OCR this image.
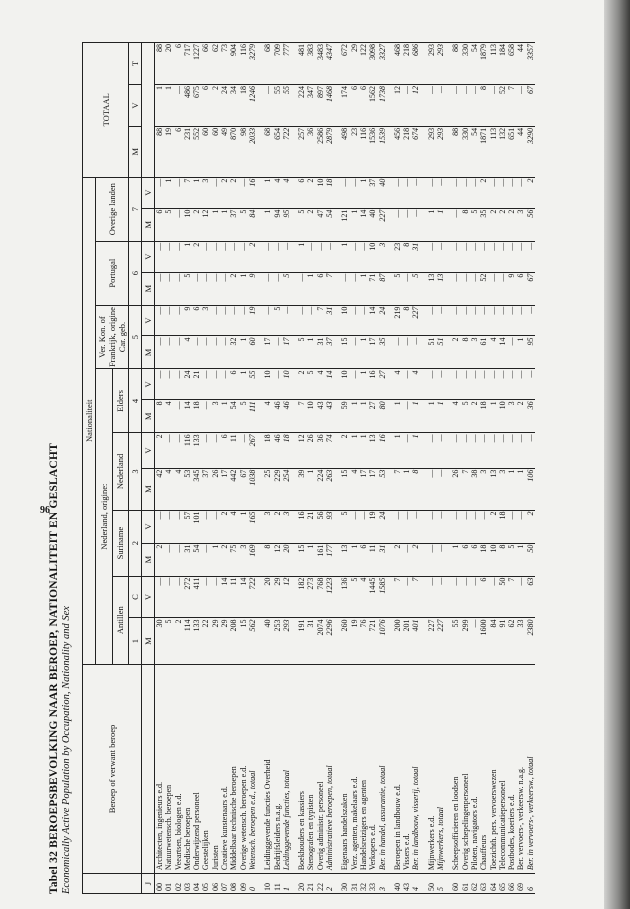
96
Tabel 32 BEROEPSBEVOLKING NAAR BEROEP, NATIONALITEIT EN GESLACHT Economically Active Population by Occupation, Nationality and Sex
		Beroep of verwant beroep	Nationaliteit														TOTAAL		
		Nederland, origine:								Ver. Kon. of Frankrijk, origine Car. geb.		Portugal		Overige landen				
		Antillen		Suriname		Nederland		Elders										
		1	C	2		3		4		5		6		7		M	V	T
J		M	V	M	V	M	V	M	V	M	V	M	V	M	V			
00	Architecten, ingenieurs e.d.	30	—	2	—	42	2	8	—	—	—	—	—	6	—	88	1	88
01	Natuurwetensch. beroepen	5	—	—	—	4	—	4	—	—	—	—	—	5	1	19	1	20
02	Veeartsen, biologen e.d.	2	—	—	—	4	—	—	—	—	—	—	—	—	—	6	—	6
03	Medische beroepen	114	272	31	57	53	116	14	24	4	9	5	1	10	7	231	486	717
04	Onderwijzend personeel	133	411	54	101	345	133	18	21	—	6	—	2	2	1	552	675	1227
05	Geestelijken	22	—	—	—	37	—	—	—	—	3	—	—	12	3	60	6	66
06	Juristen	29	—	1	—	26	—	3	—	—	—	—	—	1	—	60	2	62
07	Creatieve kunstenaars e.d.	29	14	2	2	17	6	1	—	—	—	—	—	1	2	49	24	73
08	Middelbaar technische beroepen	208	11	75	4	442	11	54	6	32	—	2	—	37	2	870	34	904
09	Overige wetensch. beroepen e.d.	15	14	3	1	67	—	5	1	1	—	1	—	5	—	98	18	116
0	Wetensch. beroepen e.d., totaal	562	722	169	165	1038	267	111	55	60	19	9	2	84	16	2033	1246	3279

10	Leidinggevende functies Overheid	40	20	8	3	25	18	4	10	17	—	—	—	1	1	68	—	68
11	Bedrijfsleiders n.a.g.	253	29	12	2	229	46	46	—	—	5	—	—	94	4	654	55	709
1	Leidinggevende functies, totaal	293	12	20	3	254	18	46	10	17	—	5	—	95	4	722	55	777

20	Boekhouders en kassiers	191	182	15	16	39	12	7	2	5	—	—	1	5	6	257	224	481
21	Stenografen en typisten	31	273	1	21	1	26	10	5	1	—	1	—	2	2	36	347	383
22	Overig administr. personeel	2074	768	161	56	224	36	43	4	31	7	6	—	47	10	2586	897	3483
2	Administratieve beroepen, totaal	2296	1223	177	93	263	74	43	14	37	31	7	—	54	18	2879	1468	4347

30	Eigenaars handelszaken	260	136	13	5	15	2	59	10	15	10	—	1	121	—	498	174	672
31	Verz. agenten, makelaars e.d.	19	5	1	—	4	1	1	—	—	—	—	—	1	—	23	6	29
32	Handelsreizigers en agenten	76	4	6	—	17	1	1	1	1	—	1	—	14	1	116	6	122
33	Verkopers e.d.	721	1445	11	19	17	13	27	16	17	14	71	10	40	37	1536	1562	3098
3	Ber. in handel, assurantie, totaal	1076	1585	31	24	53	16	80	27	35	24	87	3	227	40	1539	1738	3327

40	Beroepen in landbouw e.d.	200	7	2	—	7	1	1	4	—	219	5	23	—	—	456	12	468
43	Vissers e.d.	201	—	—	—	1	—	—	—	—	8	—	8	—	—	218	—	218
4	Ber. in landbouw, visserij, totaal	401	7	2	—	8	1	1	4	—	227	5	31	—	—	674	12	686

50	Mijnwerkers e.d.	227	—	—	—	—	—	1	—	51	—	13	—	1	—	293	—	293
5	Mijnwerkers, totaal	227	—	—	—	—	—	1	—	51	—	13	—	1	—	293	—	293

60	Scheepsofficieren en loodsen	55	—	1	—	26	—	4	—	2	—	—	—	—	—	88	—	88
61	Overig schepelingenpersoneel	299	—	6	—	7	—	5	—	8	—	—	—	8	—	330	—	330
62	Piloten, navigators e.d.	—	—	6	—	38	—	2	—	3	—	—	—	5	—	54	—	54
63	Chauffeurs	1600	6	18	—	3	—	18	—	61	—	52	—	35	2	1871	8	1879
64	Toezichth. pers. vervoerswezen	84	—	10	2	13	—	1	—	4	—	—	—	2	—	113	—	113
65	Telecommunicatiepersoneel	91	50	8	18	3	—	10	—	14	—	—	—	2	—	132	52	184
66	Postbodes, koeriers e.d.	62	7	5	—	1	—	3	—	—	—	9	—	2	—	651	7	658
69	Ber. vervoers-, verkeersw. n.a.g.	33	—	1	—	1	—	2	—	1	—	6	—	3	—	44	—	44
6	Ber. in vervoers-, verkeersw., totaal	2380	63	50	2	106	—	36	—	95	—	67	—	56	2	3290	67	3357
